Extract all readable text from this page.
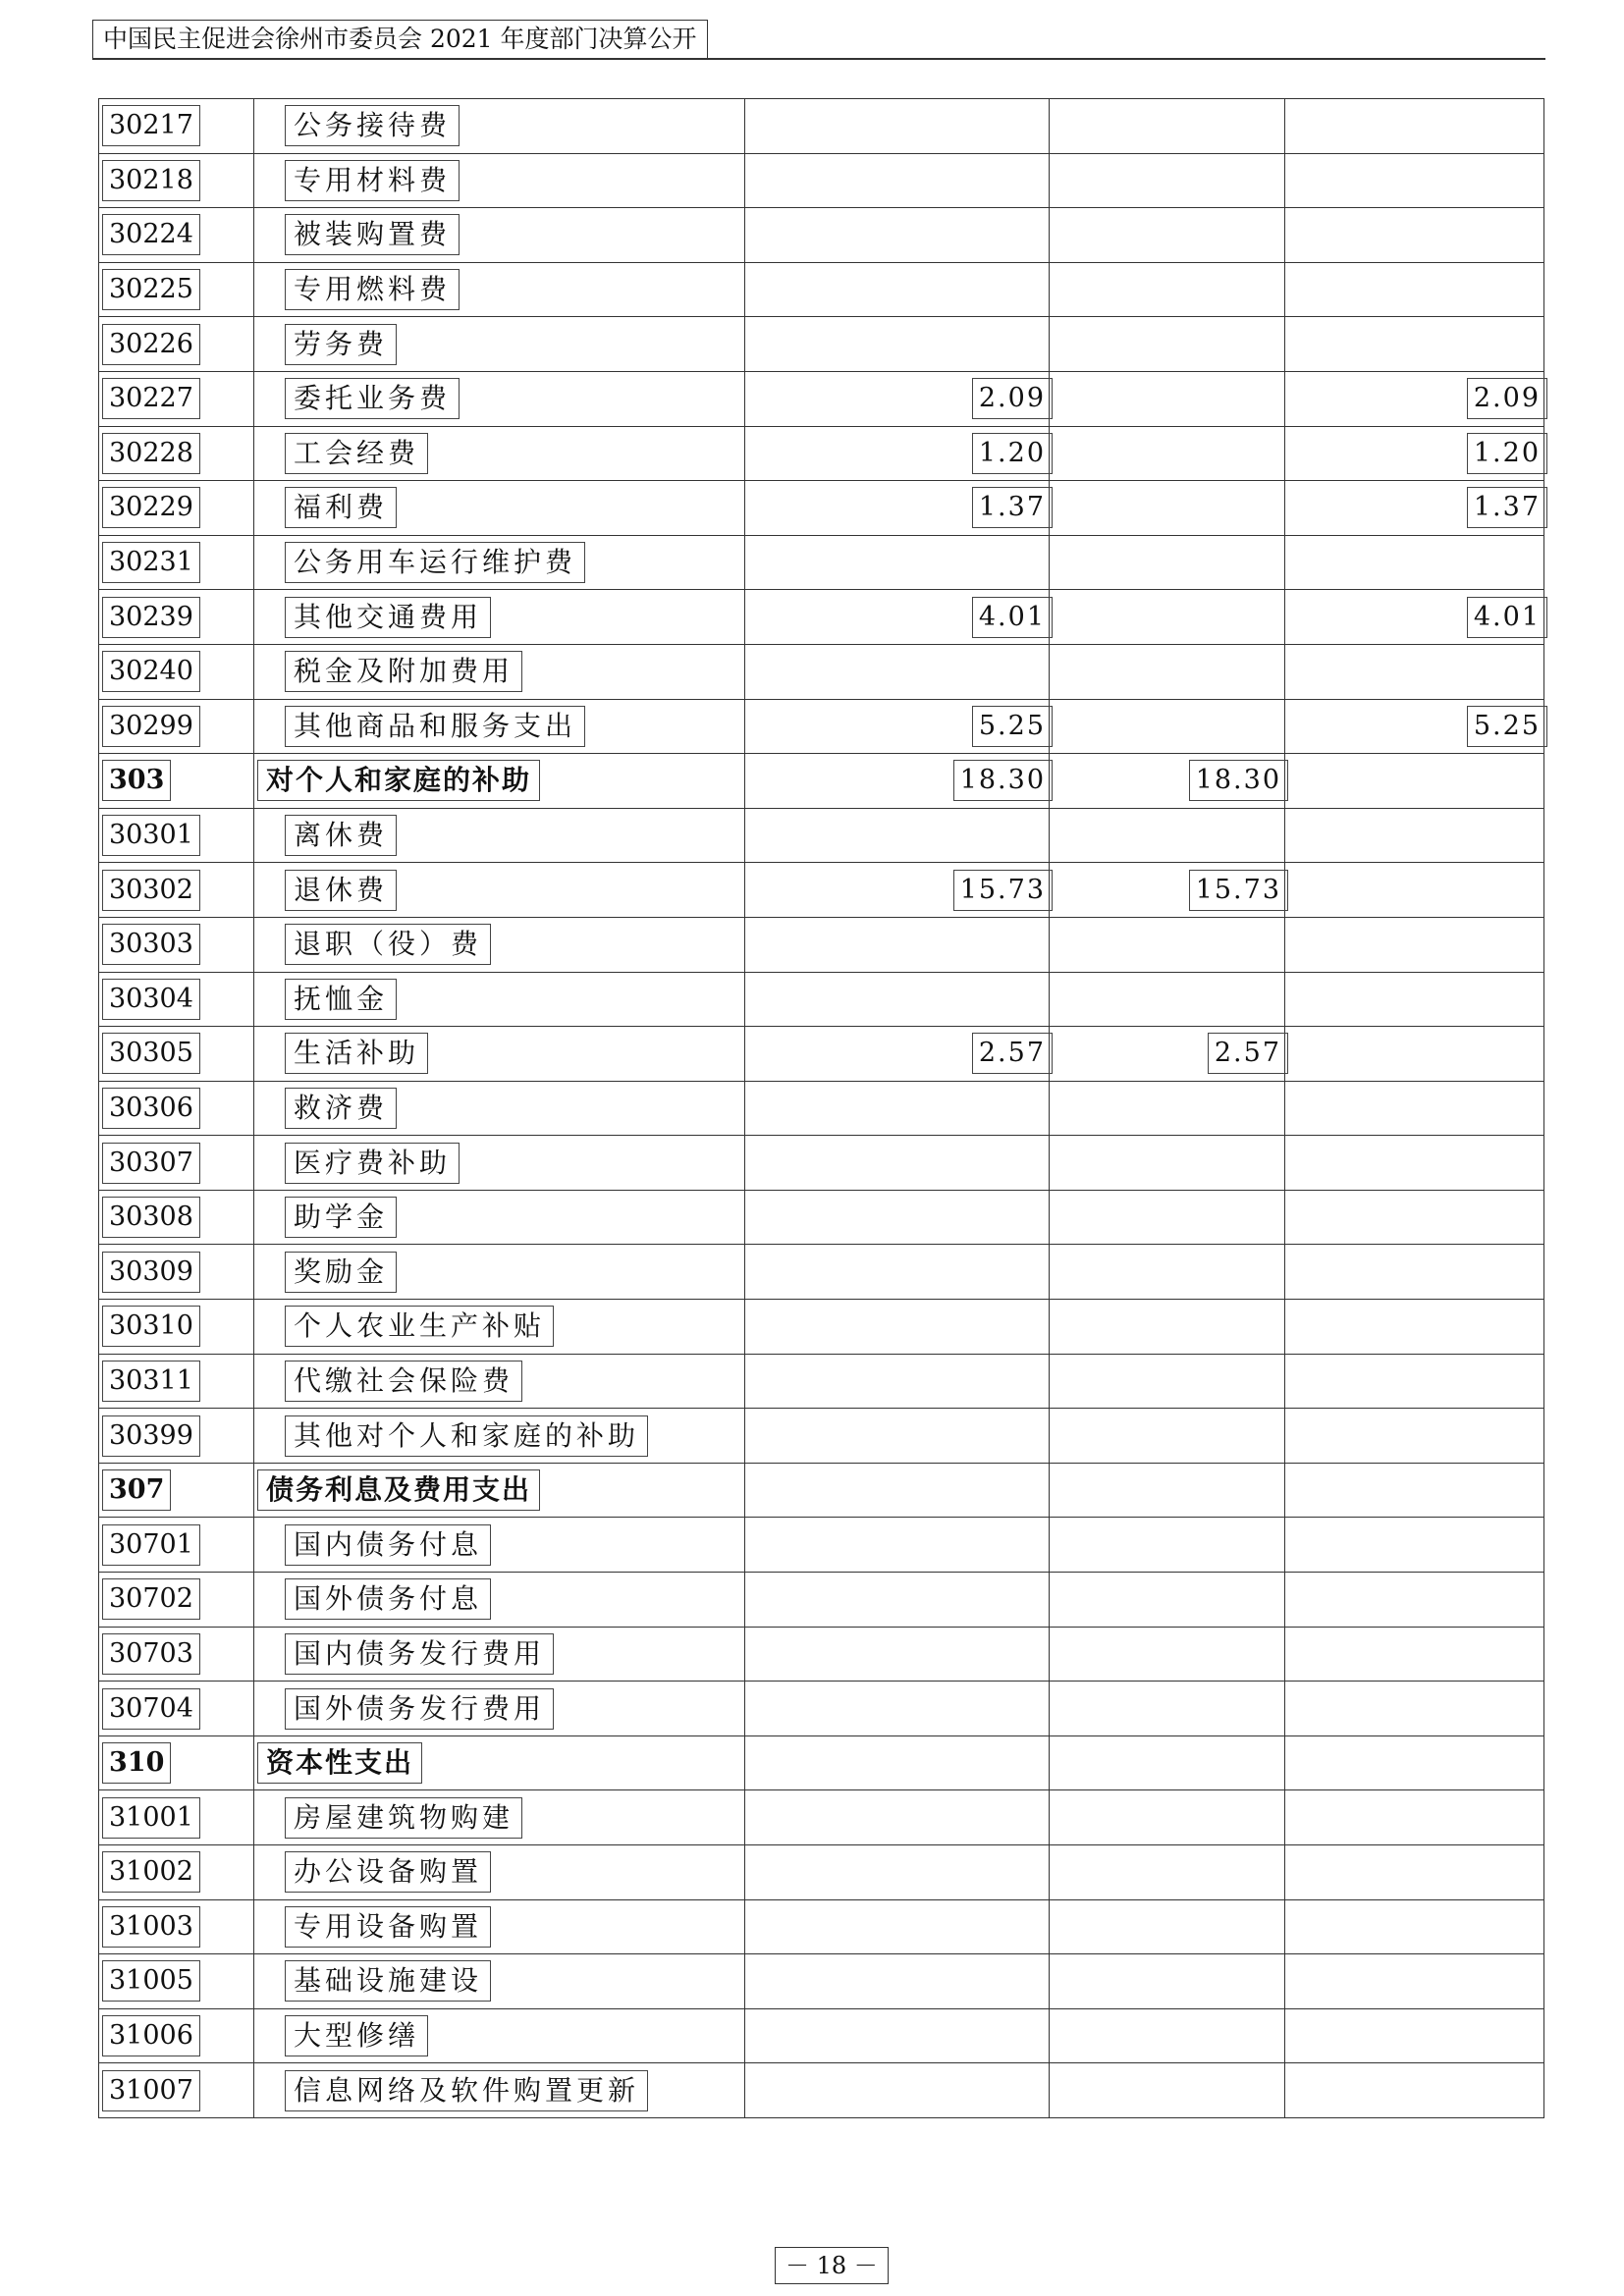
中国民主促进会徐州市委员会 2021 年度部门决算公开
30217	公务接待费			
30218	专用材料费			
30224	被装购置费			
30225	专用燃料费			
30226	劳务费			
30227	委托业务费	2.09		2.09
30228	工会经费	1.20		1.20
30229	福利费	1.37		1.37
30231	公务用车运行维护费			
30239	其他交通费用	4.01		4.01
30240	税金及附加费用			
30299	其他商品和服务支出	5.25		5.25
303	对个人和家庭的补助	18.30	18.30	
30301	离休费			
30302	退休费	15.73	15.73	
30303	退职（役）费			
30304	抚恤金			
30305	生活补助	2.57	2.57	
30306	救济费			
30307	医疗费补助			
30308	助学金			
30309	奖励金			
30310	个人农业生产补贴			
30311	代缴社会保险费			
30399	其他对个人和家庭的补助			
307	债务利息及费用支出			
30701	国内债务付息			
30702	国外债务付息			
30703	国内债务发行费用			
30704	国外债务发行费用			
310	资本性支出			
31001	房屋建筑物购建			
31002	办公设备购置			
31003	专用设备购置			
31005	基础设施建设			
31006	大型修缮			
31007	信息网络及软件购置更新			
－ 18 －
